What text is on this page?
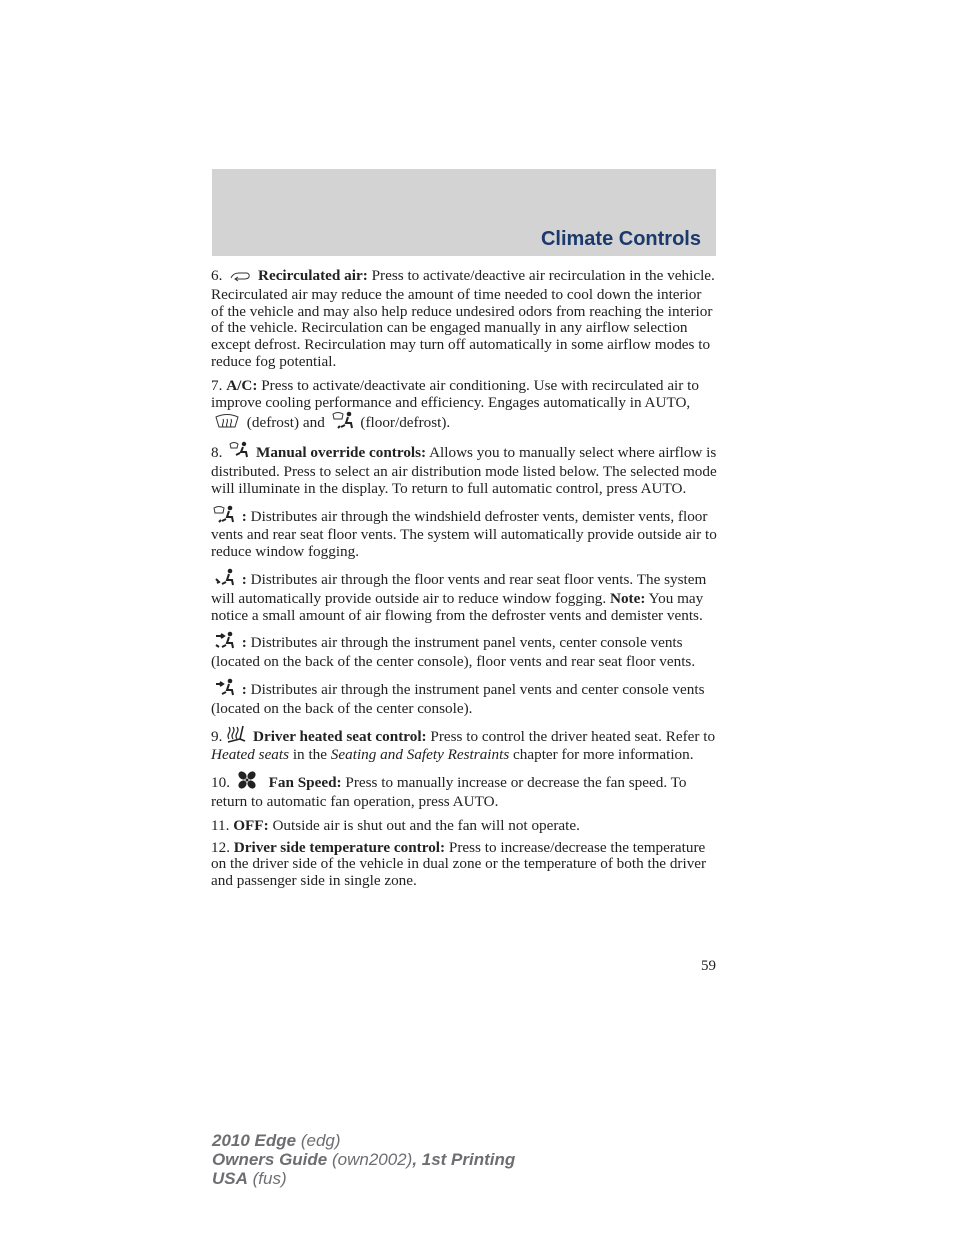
Climate Controls

6. Recirculated air: Press to activate/deactive air recirculation in the vehicle. Recirculated air may reduce the amount of time needed to cool down the interior of the vehicle and may also help reduce undesired odors from reaching the interior of the vehicle. Recirculation can be engaged manually in any airflow selection except defrost. Recirculation may turn off automatically in some airflow modes to reduce fog potential.

7. A/C: Press to activate/deactivate air conditioning. Use with recirculated air to improve cooling performance and efficiency. Engages automatically in AUTO,  (defrost) and (floor/defrost).

8. Manual override controls: Allows you to manually select where airflow is distributed. Press to select an air distribution mode listed below. The selected mode will illuminate in the display. To return to full automatic control, press AUTO.

: Distributes air through the windshield defroster vents, demister vents, floor vents and rear seat floor vents. The system will automatically provide outside air to reduce window fogging.

: Distributes air through the floor vents and rear seat floor vents. The system will automatically provide outside air to reduce window fogging. Note: You may notice a small amount of air flowing from the defroster vents and demister vents.

: Distributes air through the instrument panel vents, center console vents (located on the back of the center console), floor vents and rear seat floor vents.

: Distributes air through the instrument panel vents and center console vents (located on the back of the center console).

9. Driver heated seat control: Press to control the driver heated seat. Refer to Heated seats in the Seating and Safety Restraints chapter for more information.

10.	Fan Speed: Press to manually increase or decrease the fan speed. To return to automatic fan operation, press AUTO.

11. OFF: Outside air is shut out and the fan will not operate.

12. Driver side temperature control: Press to increase/decrease the temperature on the driver side of the vehicle in dual zone or the temperature of both the driver and passenger side in single zone.

59
2010 Edge (edg)
Owners Guide (own2002), 1st Printing
USA (fus)
